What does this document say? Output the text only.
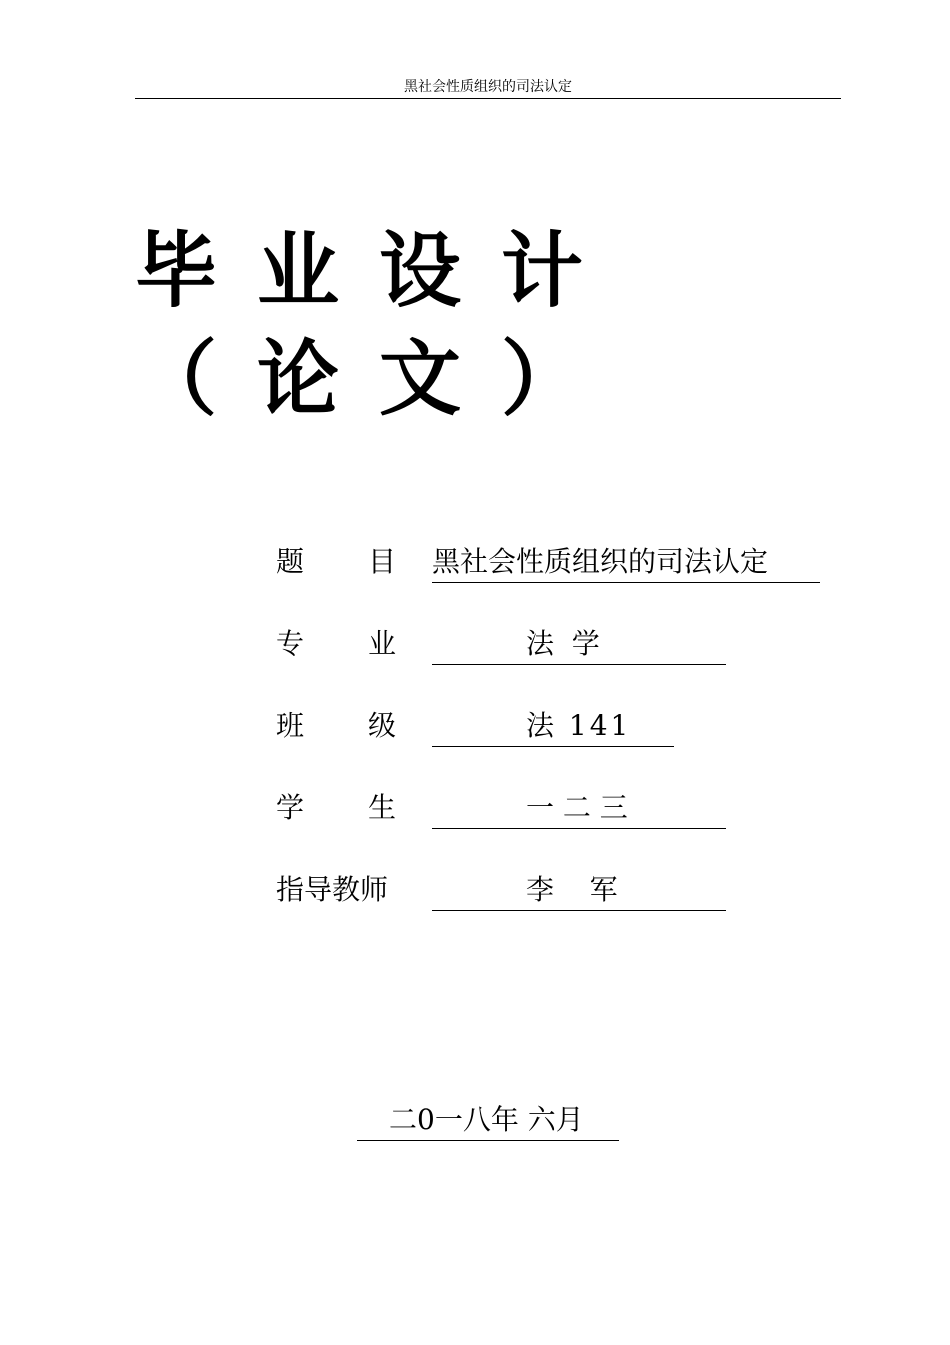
黑社会性质组织的司法认定
毕业设计（论文）
题 目 黑社会性质组织的司法认定
专 业	法  学
班 级	法 141
学 生	一 二 三
指导教师	李    军

二0一八年 六月
